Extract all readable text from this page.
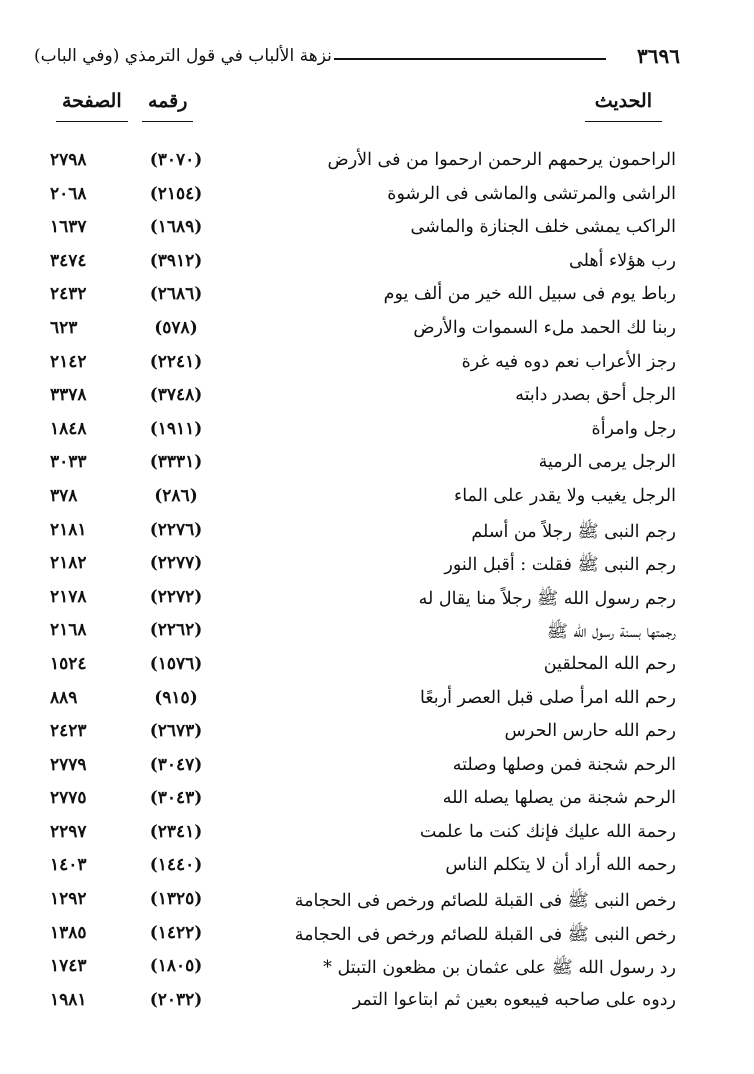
٣٦٩٦
نزهة الألباب في قول الترمذي (وفي الباب)
الحديث
رقمه
الصفحة
الراحمون يرحمهم الرحمن ارحموا من فى الأرض
(٣٠٧٠)
٢٧٩٨
الراشى والمرتشى والماشى فى الرشوة
(٢١٥٤)
٢٠٦٨
الراكب يمشى خلف الجنازة والماشى
(١٦٨٩)
١٦٣٧
رب هؤلاء أهلى
(٣٩١٢)
٣٤٧٤
رباط يوم فى سبيل الله خير من ألف يوم
(٢٦٨٦)
٢٤٣٢
ربنا لك الحمد ملء السموات والأرض
(٥٧٨)
٦٢٣
رجز الأعراب نعم دوه فيه غرة
(٢٢٤١)
٢١٤٢
الرجل أحق بصدر دابته
(٣٧٤٨)
٣٣٧٨
رجل وامرأة
(١٩١١)
١٨٤٨
الرجل يرمى الرمية
(٣٣٣١)
٣٠٣٣
الرجل يغيب ولا يقدر على الماء
(٢٨٦)
٣٧٨
رجم النبى ﷺ رجلاً من أسلم
(٢٢٧٦)
٢١٨١
رجم النبى ﷺ فقلت : أقبل النور
(٢٢٧٧)
٢١٨٢
رجم رسول الله ﷺ رجلاً منا يقال له
(٢٢٧٢)
٢١٧٨
رجمتها بسنة رسول الله ﷺ
(٢٢٦٢)
٢١٦٨
رحم الله المحلقين
(١٥٧٦)
١٥٢٤
رحم الله امرأ صلى قبل العصر أربعًا
(٩١٥)
٨٨٩
رحم الله حارس الحرس
(٢٦٧٣)
٢٤٢٣
الرحم شجنة فمن وصلها وصلته
(٣٠٤٧)
٢٧٧٩
الرحم شجنة من يصلها يصله الله
(٣٠٤٣)
٢٧٧٥
رحمة الله عليك فإنك كنت ما علمت
(٢٣٤١)
٢٢٩٧
رحمه الله أراد أن لا يتكلم الناس
(١٤٤٠)
١٤٠٣
رخص النبى ﷺ فى القبلة للصائم ورخص فى الحجامة
(١٣٢٥)
١٢٩٢
رخص النبى ﷺ فى القبلة للصائم ورخص فى الحجامة
(١٤٢٢)
١٣٨٥
رد رسول الله ﷺ على عثمان بن مظعون التبتل *
(١٨٠٥)
١٧٤٣
ردوه على صاحبه فيبعوه بعين ثم ابتاعوا التمر
(٢٠٣٢)
١٩٨١
